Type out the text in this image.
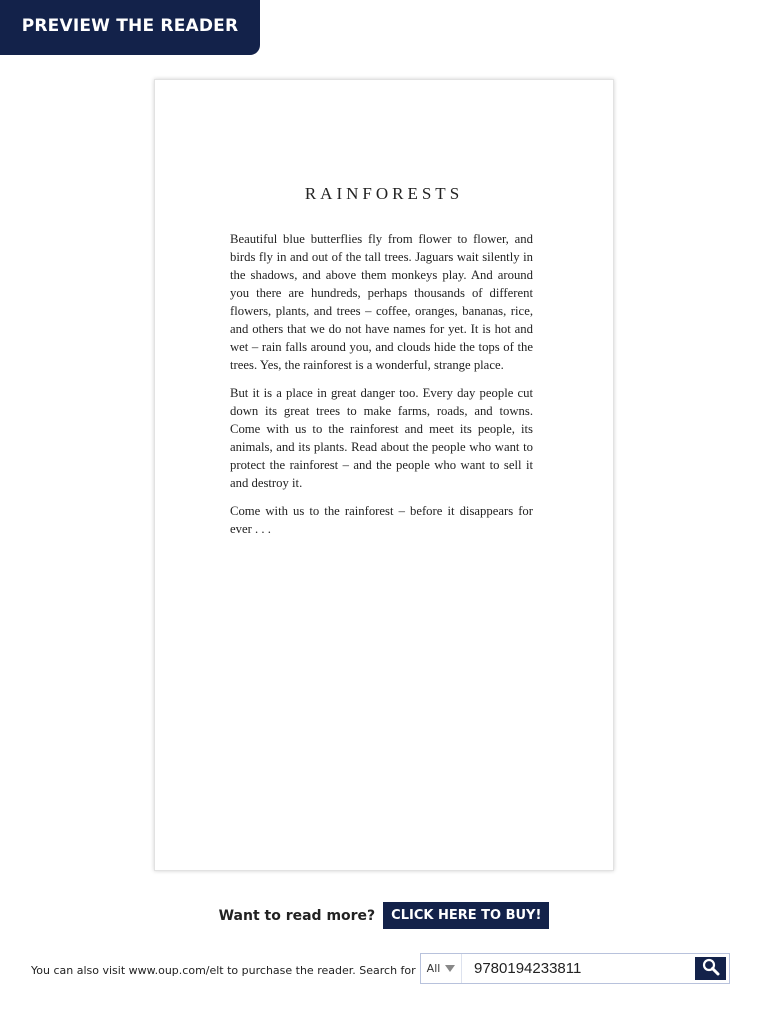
PREVIEW THE READER
RAINFORESTS

Beautiful blue butterflies fly from flower to flower, and birds fly in and out of the tall trees. Jaguars wait silently in the shadows, and above them monkeys play. And around you there are hundreds, perhaps thousands of different flowers, plants, and trees – coffee, oranges, bananas, rice, and others that we do not have names for yet. It is hot and wet – rain falls around you, and clouds hide the tops of the trees. Yes, the rainforest is a wonderful, strange place.

But it is a place in great danger too. Every day people cut down its great trees to make farms, roads, and towns. Come with us to the rainforest and meet its people, its animals, and its plants. Read about the people who want to protect the rainforest – and the people who want to sell it and destroy it.

Come with us to the rainforest – before it disappears for ever . . .

Want to read more?	CLICK HERE TO BUY!
You can also visit www.oup.com/elt to purchase the reader. Search for All
9780194233811
